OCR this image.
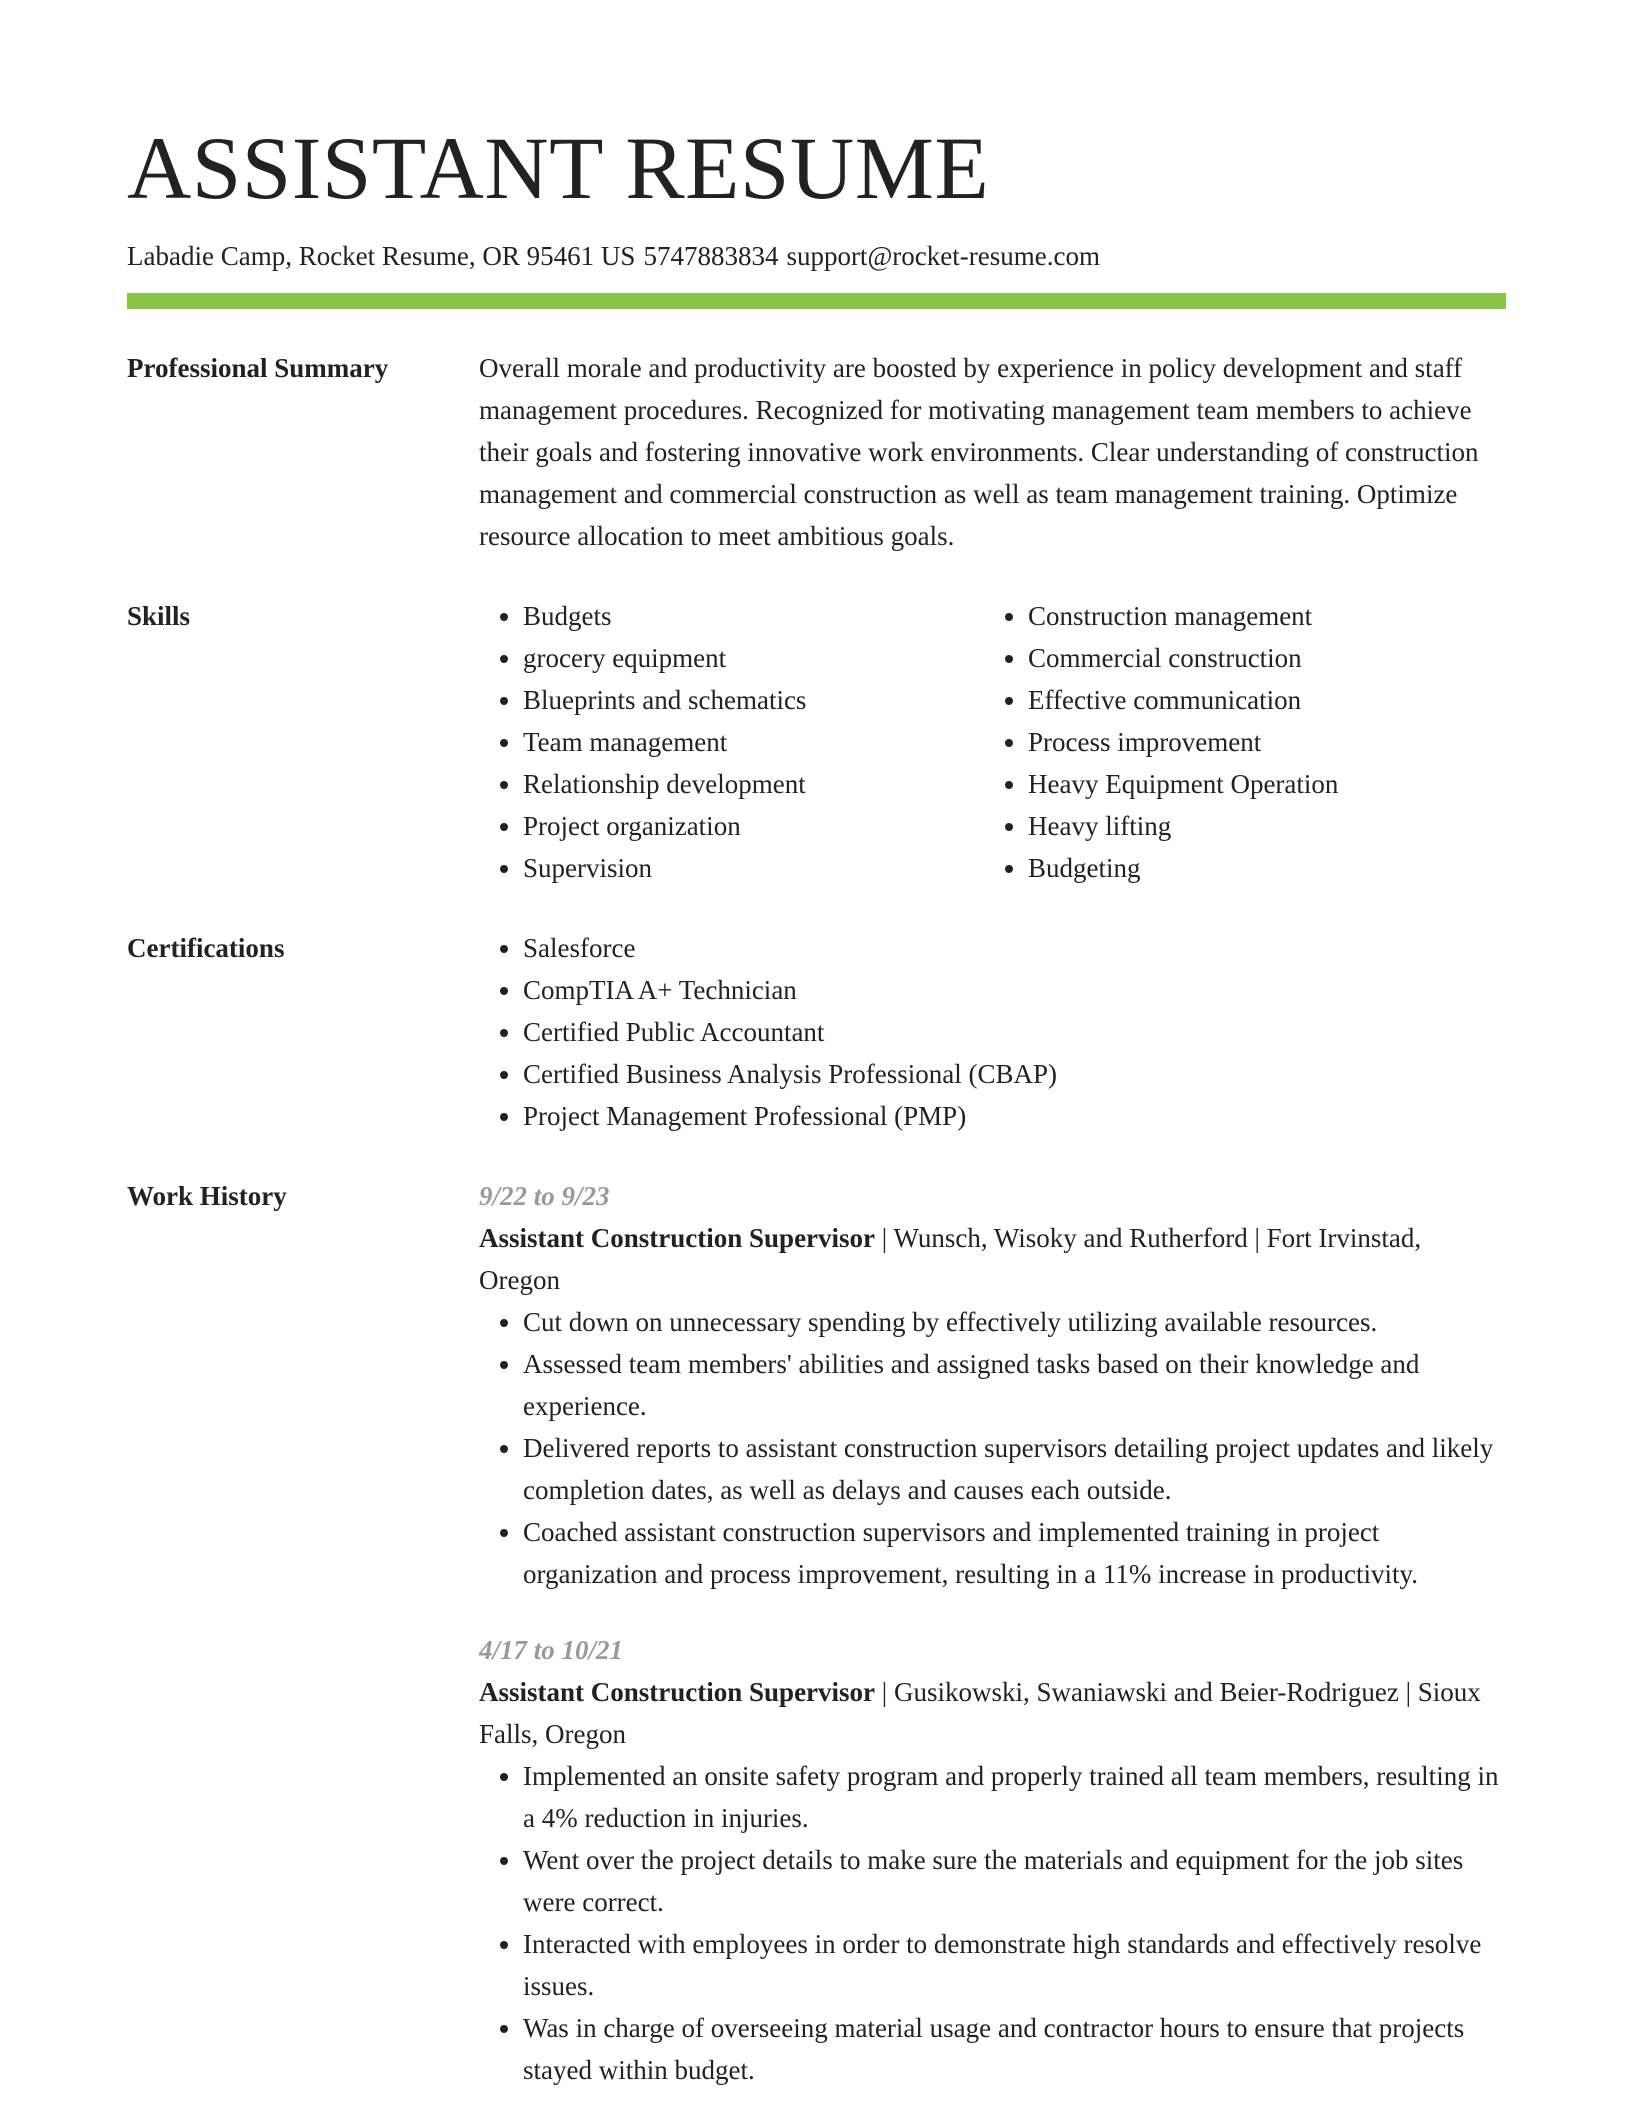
ASSISTANT RESUME
Labadie Camp, Rocket Resume, OR 95461 US 5747883834 support@rocket-resume.com
Professional Summary	Overall morale and productivity are boosted by experience in policy development and staff management procedures. Recognized for motivating management team members to achieve their goals and fostering innovative work environments. Clear understanding of construction management and commercial construction as well as team management training. Optimize resource allocation to meet ambitious goals.

Skills	• Budgets
• grocery equipment
• Blueprints and schematics
• Team management
• Relationship development
• Project organization
• Supervision
• Construction management
• Commercial construction
• Effective communication
• Process improvement
• Heavy Equipment Operation
• Heavy lifting
• Budgeting
Certifications	• Salesforce
• CompTIA A+ Technician
• Certified Public Accountant
• Certified Business Analysis Professional (CBAP)
• Project Management Professional (PMP)
Work History	9/22 to 9/23
Assistant Construction Supervisor | Wunsch, Wisoky and Rutherford | Fort Irvinstad, Oregon
• Cut down on unnecessary spending by effectively utilizing available resources.
• Assessed team members' abilities and assigned tasks based on their knowledge and experience.
• Delivered reports to assistant construction supervisors detailing project updates and likely completion dates, as well as delays and causes each outside.
• Coached assistant construction supervisors and implemented training in project organization and process improvement, resulting in a 11% increase in productivity.
4/17 to 10/21
Assistant Construction Supervisor | Gusikowski, Swaniawski and Beier-Rodriguez | Sioux Falls, Oregon
• Implemented an onsite safety program and properly trained all team members, resulting in a 4% reduction in injuries.
• Went over the project details to make sure the materials and equipment for the job sites were correct.
• Interacted with employees in order to demonstrate high standards and effectively resolve issues.
• Was in charge of overseeing material usage and contractor hours to ensure that projects stayed within budget.
